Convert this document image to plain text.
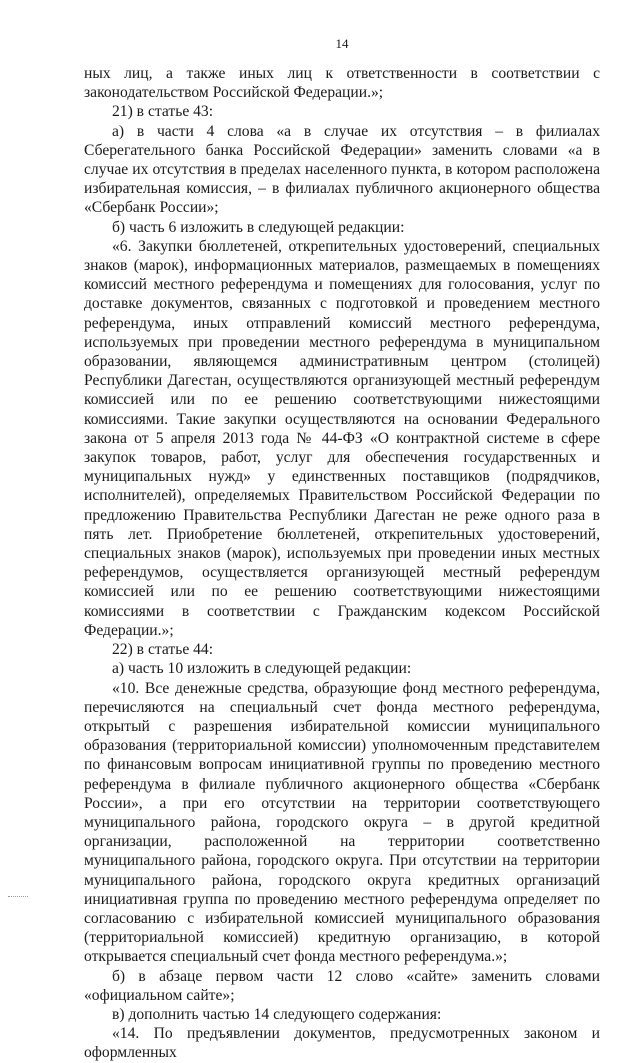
14

ных лиц, а также иных лиц к ответственности в соответствии с законодательством Российской Федерации.»;

21) в статье 43:

а) в части 4 слова «а в случае их отсутствия – в филиалах Сберегательного банка Российской Федерации» заменить словами «а в случае их отсутствия в пределах населенного пункта, в котором расположена избирательная комиссия, – в филиалах публичного акционерного общества «Сбербанк России»;

б) часть 6 изложить в следующей редакции:

«6. Закупки бюллетеней, открепительных удостоверений, специальных знаков (марок), информационных материалов, размещаемых в помещениях комиссий местного референдума и помещениях для голосования, услуг по доставке документов, связанных с подготовкой и проведением местного референдума, иных отправлений комиссий местного референдума, используемых при проведении местного референдума в муниципальном образовании, являющемся административным центром (столицей) Республики Дагестан, осуществляются организующей местный референдум комиссией или по ее решению соответствующими нижестоящими комиссиями. Такие закупки осуществляются на основании Федерального закона от 5 апреля 2013 года № 44-ФЗ «О контрактной системе в сфере закупок товаров, работ, услуг для обеспечения государственных и муниципальных нужд» у единственных поставщиков (подрядчиков, исполнителей), определяемых Правительством Российской Федерации по предложению Правительства Республики Дагестан не реже одного раза в пять лет. Приобретение бюллетеней, открепительных удостоверений, специальных знаков (марок), используемых при проведении иных местных референдумов, осуществляется организующей местный референдум комиссией или по ее решению соответствующими нижестоящими комиссиями в соответствии с Гражданским кодексом Российской Федерации.»;

22) в статье 44:

а) часть 10 изложить в следующей редакции:

«10. Все денежные средства, образующие фонд местного референдума, перечисляются на специальный счет фонда местного референдума, открытый с разрешения избирательной комиссии муниципального образования (территориальной комиссии) уполномоченным представителем по финансовым вопросам инициативной группы по проведению местного референдума в филиале публичного акционерного общества «Сбербанк России», а при его отсутствии на территории соответствующего муниципального района, городского округа – в другой кредитной организации, расположенной на территории соответственно муниципального района, городского округа. При отсутствии на территории муниципального района, городского округа кредитных организаций инициативная группа по проведению местного референдума определяет по согласованию с избирательной комиссией муниципального образования (территориальной комиссией) кредитную организацию, в которой открывается специальный счет фонда местного референдума.»;

б) в абзаце первом части 12 слово «сайте» заменить словами «официальном сайте»;

в) дополнить частью 14 следующего содержания:

«14. По предъявлении документов, предусмотренных законом и оформленных
